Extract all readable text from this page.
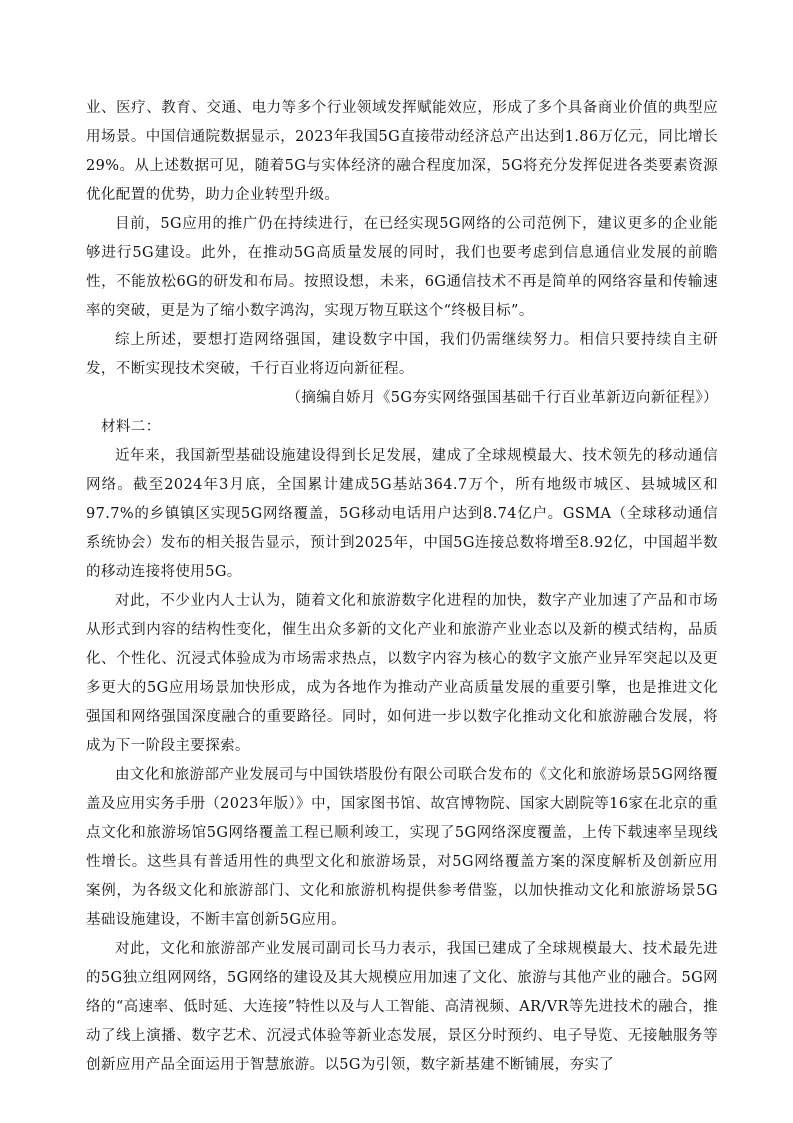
业、医疗、教育、交通、电力等多个行业领域发挥赋能效应，形成了多个具备商业价值的典型应用场景。中国信通院数据显示，2023年我国5G直接带动经济总产出达到1.86万亿元，同比增长29%。从上述数据可见，随着5G与实体经济的融合程度加深，5G将充分发挥促进各类要素资源优化配置的优势，助力企业转型升级。

目前，5G应用的推广仍在持续进行，在已经实现5G网络的公司范例下，建议更多的企业能够进行5G建设。此外，在推动5G高质量发展的同时，我们也要考虑到信息通信业发展的前瞻性，不能放松6G的研发和布局。按照设想，未来，6G通信技术不再是简单的网络容量和传输速率的突破，更是为了缩小数字鸿沟，实现万物互联这个“终极目标”。

综上所述，要想打造网络强国，建设数字中国，我们仍需继续努力。相信只要持续自主研发，不断实现技术突破，千行百业将迈向新征程。

（摘编自娇月《5G夯实网络强国基础千行百业革新迈向新征程》）

材料二：

近年来，我国新型基础设施建设得到长足发展，建成了全球规模最大、技术领先的移动通信网络。截至2024年3月底，全国累计建成5G基站364.7万个，所有地级市城区、县城城区和97.7%的乡镇镇区实现5G网络覆盖，5G移动电话用户达到8.74亿户。GSMA（全球移动通信系统协会）发布的相关报告显示，预计到2025年，中国5G连接总数将增至8.92亿，中国超半数的移动连接将使用5G。

对此，不少业内人士认为，随着文化和旅游数字化进程的加快，数字产业加速了产品和市场从形式到内容的结构性变化，催生出众多新的文化产业和旅游产业业态以及新的模式结构，品质化、个性化、沉浸式体验成为市场需求热点，以数字内容为核心的数字文旅产业异军突起以及更多更大的5G应用场景加快形成，成为各地作为推动产业高质量发展的重要引擎，也是推进文化强国和网络强国深度融合的重要路径。同时，如何进一步以数字化推动文化和旅游融合发展，将成为下一阶段主要探索。

由文化和旅游部产业发展司与中国铁塔股份有限公司联合发布的《文化和旅游场景5G网络覆盖及应用实务手册（2023年版）》中，国家图书馆、故宫博物院、国家大剧院等16家在北京的重点文化和旅游场馆5G网络覆盖工程已顺利竣工，实现了5G网络深度覆盖，上传下载速率呈现线性增长。这些具有普适用性的典型文化和旅游场景，对5G网络覆盖方案的深度解析及创新应用案例，为各级文化和旅游部门、文化和旅游机构提供参考借鉴，以加快推动文化和旅游场景5G基础设施建设，不断丰富创新5G应用。

对此，文化和旅游部产业发展司副司长马力表示，我国已建成了全球规模最大、技术最先进的5G独立组网网络，5G网络的建设及其大规模应用加速了文化、旅游与其他产业的融合。5G网络的“高速率、低时延、大连接”特性以及与人工智能、高清视频、AR/VR等先进技术的融合，推动了线上演播、数字艺术、沉浸式体验等新业态发展，景区分时预约、电子导览、无接触服务等创新应用产品全面运用于智慧旅游。以5G为引领，数字新基建不断铺展，夯实了
